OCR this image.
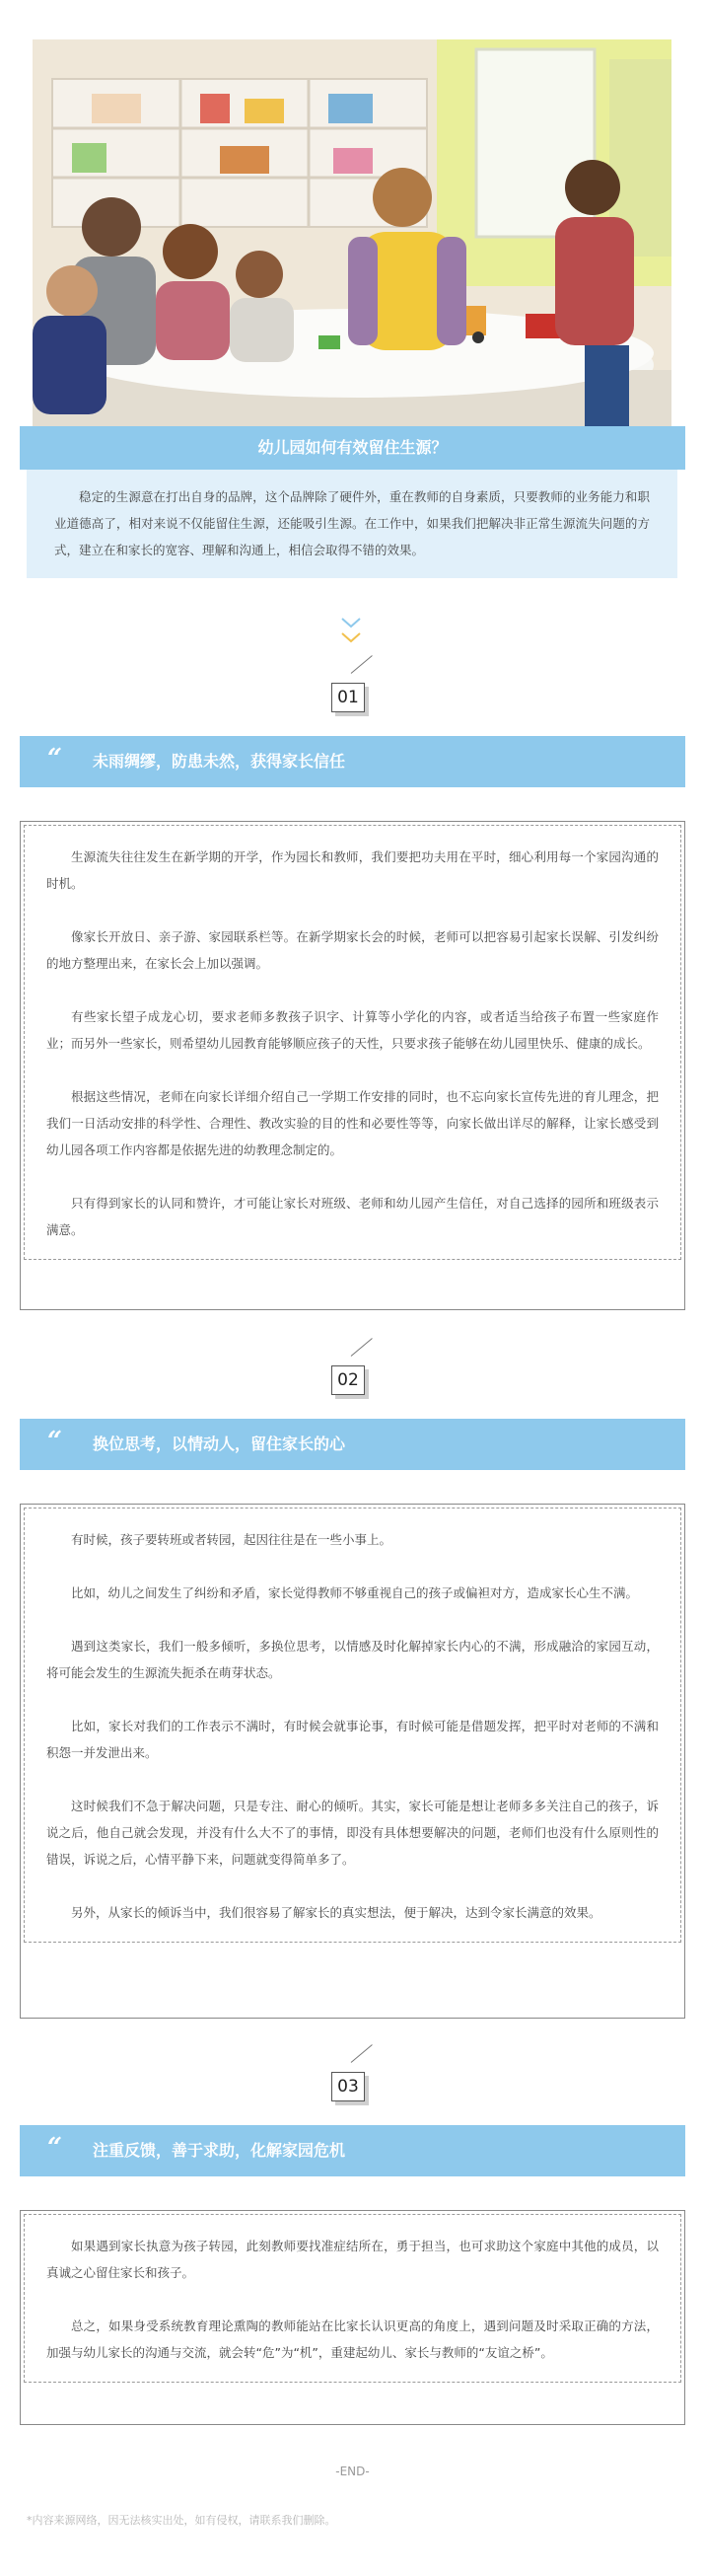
幼儿园如何有效留住生源？
稳定的生源意在打出自身的品牌，这个品牌除了硬件外，重在教师的自身素质，只要教师的业务能力和职业道德高了，相对来说不仅能留住生源，还能吸引生源。在工作中，如果我们把解决非正常生源流失问题的方式，建立在和家长的宽容、理解和沟通上，相信会取得不错的效果。
01
“ 未雨绸缪，防患未然，获得家长信任

生源流失往往发生在新学期的开学，作为园长和教师，我们要把功夫用在平时，细心利用每一个家园沟通的时机。

像家长开放日、亲子游、家园联系栏等。在新学期家长会的时候，老师可以把容易引起家长误解、引发纠纷的地方整理出来，在家长会上加以强调。

有些家长望子成龙心切，要求老师多教孩子识字、计算等小学化的内容，或者适当给孩子布置一些家庭作业；而另外一些家长，则希望幼儿园教育能够顺应孩子的天性，只要求孩子能够在幼儿园里快乐、健康的成长。

根据这些情况，老师在向家长详细介绍自己一学期工作安排的同时，也不忘向家长宣传先进的育儿理念，把我们一日活动安排的科学性、合理性、教改实验的目的性和必要性等等，向家长做出详尽的解释，让家长感受到幼儿园各项工作内容都是依据先进的幼教理念制定的。

只有得到家长的认同和赞许，才可能让家长对班级、老师和幼儿园产生信任，对自己选择的园所和班级表示满意。

02
“ 换位思考，以情动人，留住家长的心

有时候，孩子要转班或者转园，起因往往是在一些小事上。

比如，幼儿之间发生了纠纷和矛盾，家长觉得教师不够重视自己的孩子或偏袒对方，造成家长心生不满。

遇到这类家长，我们一般多倾听，多换位思考，以情感及时化解掉家长内心的不满，形成融洽的家园互动，将可能会发生的生源流失扼杀在萌芽状态。

比如，家长对我们的工作表示不满时，有时候会就事论事，有时候可能是借题发挥，把平时对老师的不满和积怨一并发泄出来。

这时候我们不急于解决问题，只是专注、耐心的倾听。其实，家长可能是想让老师多多关注自己的孩子，诉说之后，他自己就会发现，并没有什么大不了的事情，即没有具体想要解决的问题，老师们也没有什么原则性的错误，诉说之后，心情平静下来，问题就变得简单多了。

另外，从家长的倾诉当中，我们很容易了解家长的真实想法，便于解决，达到令家长满意的效果。

03
“ 注重反馈，善于求助，化解家园危机

如果遇到家长执意为孩子转园，此刻教师要找准症结所在，勇于担当，也可求助这个家庭中其他的成员，以真诚之心留住家长和孩子。

总之，如果身受系统教育理论熏陶的教师能站在比家长认识更高的角度上，遇到问题及时采取正确的方法，加强与幼儿家长的沟通与交流，就会转“危”为“机”，重建起幼儿、家长与教师的“友谊之桥”。

-END-
*内容来源网络，因无法核实出处，如有侵权，请联系我们删除。
